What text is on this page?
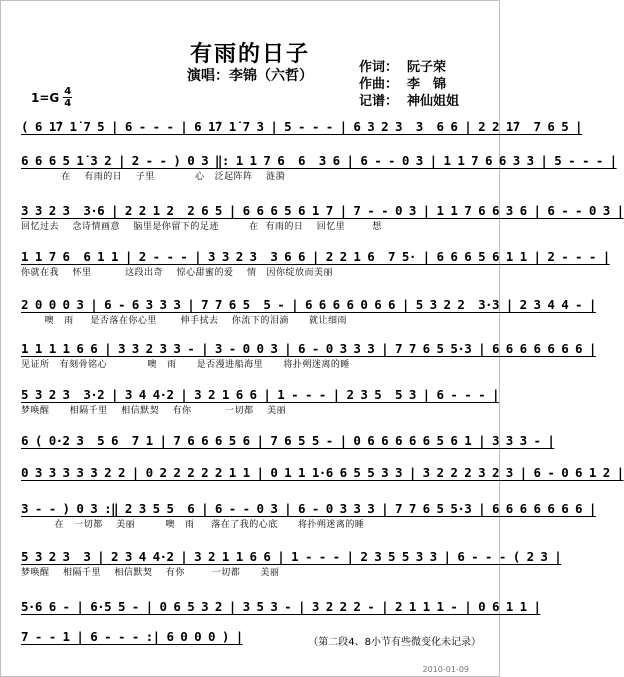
有雨的日子
演唱：李锦（六哲）
作词： 阮子荣
作曲： 李　锦
记谱： 神仙姐姐
1=G 4
4
( 6 1̇7 1̇ 7 5 | 6 - - - | 6 1̇7 1̇ 7 3 | 5 - - - | 6 3 2 3  3  6 6 | 2 2 1̇7  7 6 5 |
6 6 6 5 1̇ 3 2 | 2 - - ) 0 3 ‖: 1 1 7 6  6  3 6 | 6 - - 0 3 | 1 1 7 6 6 3 3 | 5 - - - |
在    有雨的日    子里            心   泛起阵阵    涟漪
3 3 2 3  3·6 | 2 2 1 2  2 6 5 | 6 6 6 5 6 1 7 | 7 - - 0 3 | 1 1 7 6 6 3 6 | 6 - - 0 3 |
回忆过去    念诗情画意    脑里是你留下的足迹         在  有雨的日    回忆里        想
1 1 7 6  6 1 1 | 2 - - - | 3 3 2 3  3 6 6 | 2 2 1 6  7 5· | 6 6 6 5 6 1 1 | 2 - - - |
你就在我    怀里          这段出奇    惊心甜蜜的爱    情   因你绽放而美丽
2 0 0 0 3 | 6 - 6 3 3 3 | 7 7 6 5  5 - | 6 6 6 6 0 6 6 | 5 3 2 2  3·3 | 2 3 4 4 - |
噢   雨     是否落在你心里       伸手拭去    你流下的泪滴      就让细雨
1 1 1 1 6 6 | 3 3 2 3 3 - | 3 - 0 0 3 | 6 - 0 3 3 3 | 7 7 6 5 5·3 | 6 6 6 6 6 6 6 |
见证所   有刻骨铭心            噢   雨      是否漫进船海里      将扑朔迷离的睡
5 3 2 3  3·2 | 3 4 4·2 | 3 2 1 6 6 | 1 - - - | 2 3 5  5 3 | 6 - - - |
梦唤醒      相隔千里    相信默契    有你          一切都    美丽
6 ( 0·2 3  5 6  7 1 | 7 6 6 6 5 6 | 7 6 5 5 - | 0 6 6 6 6 6 5 6 1 | 3 3 3 - |
0 3 3 3 3 3 2 2 | 0 2 2 2 2 2 1 1 | 0 1 1 1·6 6 5 5 3 3 | 3 2 2 2 3 2 3 | 6 - 0 6 1 2 |
3 - - ) 0 3 :‖ 2 3 5 5  6 | 6 - - 0 3 | 6 - 0 3 3 3 | 7 7 6 5 5·3 | 6 6 6 6 6 6 6 |
在   一切都    美丽         噢   雨     落在了我的心底      将扑朔迷离的睡
5 3 2 3  3 | 2 3 4 4·2 | 3 2 1 1 6 6 | 1 - - - | 2 3 5 5 3 3 | 6 - - - ( 2 3 |
梦唤醒    相隔千里    相信默契    有你        一切都      美丽
5·6 6 - | 6·5 5 - | 0 6 5 3 2 | 3 5 3 - | 3 2 2 2 - | 2 1 1 1 - | 0 6 1 1 |
7 - - 1 | 6 - - - :| 6 0 0 0 ) |	（第二段4、8小节有些微变化未记录）
2010-01-09
